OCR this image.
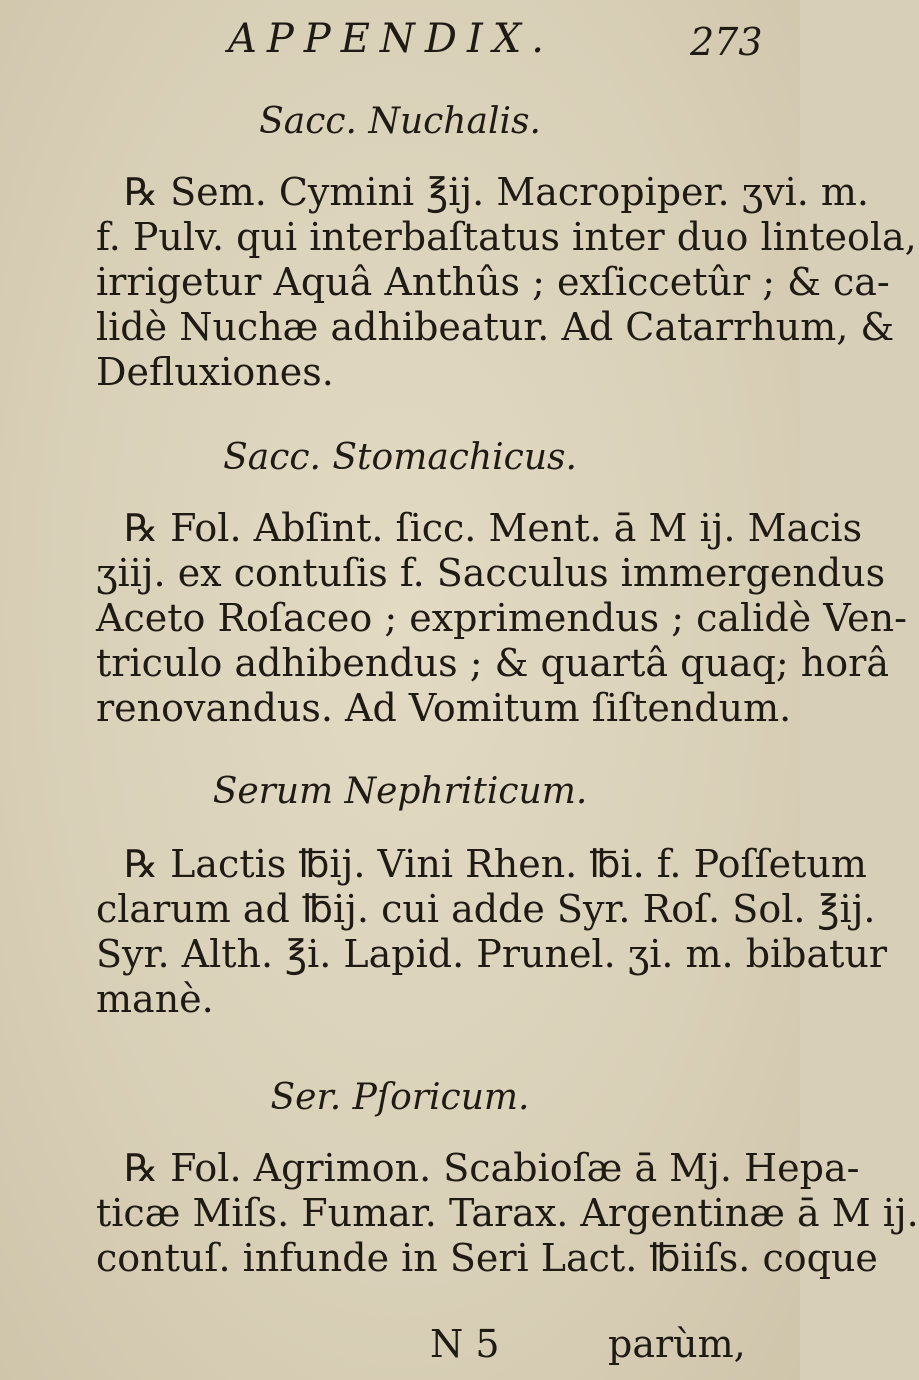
APPENDIX.	273
Sacc. Nuchalis.
℞ Sem. Cymini ℥ij. Macropiper. ʒvi. m.
f. Pulv. qui interbaſtatus inter duo linteola,
irrigetur Aquâ Anthûs ; exſiccetûr ; & ca-
lidè Nuchæ adhibeatur. Ad Catarrhum, &
Defluxiones.
Sacc. Stomachicus.
℞ Fol. Abſint. ſicc. Ment. ā M ij. Macis
ʒiij. ex contuſis f. Sacculus immergendus
Aceto Roſaceo ; exprimendus ; calidè Ven-
triculo adhibendus ; & quartâ quaq; horâ
renovandus. Ad Vomitum ſiſtendum.
Serum Nephriticum.
℞ Lactis ℔ij. Vini Rhen. ℔i. f. Poſſetum
clarum ad ℔ij. cui adde Syr. Roſ. Sol. ℥ij.
Syr. Alth. ℥i. Lapid. Prunel. ʒi. m. bibatur
manè.
Ser. Pſoricum.
℞ Fol. Agrimon. Scabioſæ ā Mj. Hepa-
ticæ Miſs. Fumar. Tarax. Argentinæ ā M ij.
contuſ. infunde in Seri Lact. ℔iiſs. coque
N 5	parùm,
